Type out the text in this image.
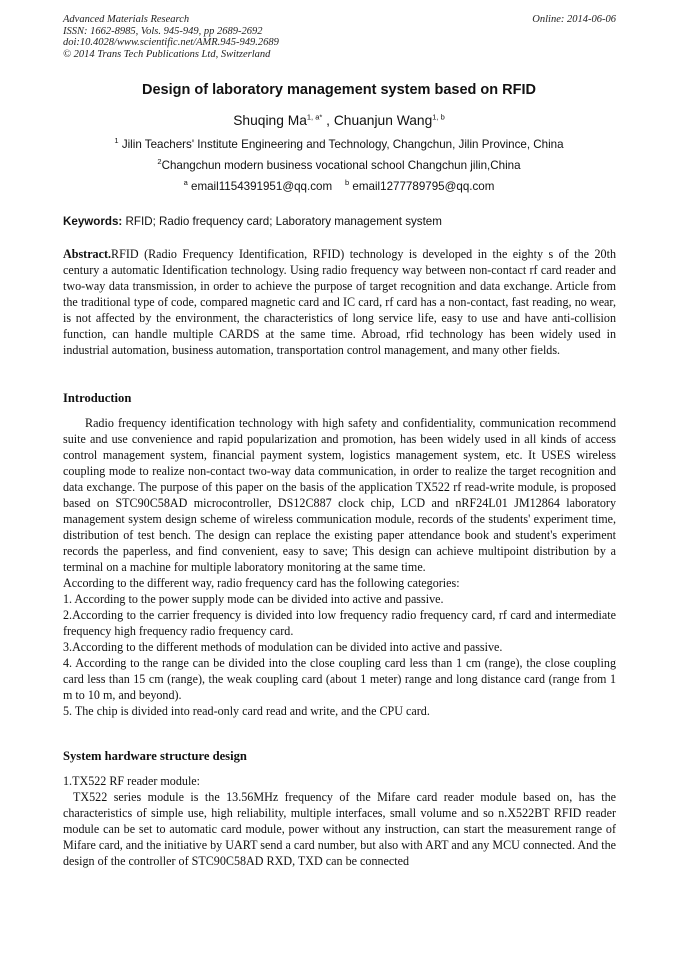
Advanced Materials Research
ISSN: 1662-8985, Vols. 945-949, pp 2689-2692
doi:10.4028/www.scientific.net/AMR.945-949.2689
© 2014 Trans Tech Publications Ltd, Switzerland
Online: 2014-06-06
Design of laboratory management system based on RFID
Shuqing $Ma^{1, a*}$ , Chuanjun Wang$^{1, b}$
$^1$ Jilin Teachers' Institute Engineering and Technology, Changchun, Jilin Province, China
$^2$Changchun modern business vocational school Changchun jilin,China
$^a$ email1154391951@qq.com $^b$ email1277789795@qq.com
Keywords: RFID; Radio frequency card; Laboratory management system

Abstract.RFID (Radio Frequency Identification, RFID) technology is developed in the eighty s of the 20th century a automatic Identification technology. Using radio frequency way between non-contact rf card reader and two-way data transmission, in order to achieve the purpose of target recognition and data exchange. Article from the traditional type of code, compared magnetic card and IC card, rf card has a non-contact, fast reading, no wear, is not affected by the environment, the characteristics of long service life, easy to use and have anti-collision function, can handle multiple CARDS at the same time. Abroad, rfid technology has been widely used in industrial automation, business automation, transportation control management, and many other fields.

Introduction

Radio frequency identification technology with high safety and confidentiality, communication recommend suite and use convenience and rapid popularization and promotion, has been widely used in all kinds of access control management system, financial payment system, logistics management system, etc. It USES wireless coupling mode to realize non-contact two-way data communication, in order to realize the target recognition and data exchange. The purpose of this paper on the basis of the application TX522 rf read-write module, is proposed based on STC90C58AD microcontroller, DS12C887 clock chip, LCD and nRF24L01 JM12864 laboratory management system design scheme of wireless communication module, records of the students' experiment time, distribution of test bench. The design can replace the existing paper attendance book and student's experiment records the paperless, and find convenient, easy to save; This design can achieve multipoint distribution by a terminal on a machine for multiple laboratory monitoring at the same time.

According to the different way, radio frequency card has the following categories:

1. According to the power supply mode can be divided into active and passive.

2.According to the carrier frequency is divided into low frequency radio frequency card, rf card and intermediate frequency high frequency radio frequency card.

3.According to the different methods of modulation can be divided into active and passive.

4. According to the range can be divided into the close coupling card less than 1 cm (range), the close coupling card less than 15 cm (range), the weak coupling card (about 1 meter) range and long distance card (range from 1 m to 10 m, and beyond).

5. The chip is divided into read-only card read and write, and the CPU card.

System hardware structure design

1.TX522 RF reader module:

TX522 series module is the 13.56MHz frequency of the Mifare card reader module based on, has the characteristics of simple use, high reliability, multiple interfaces, small volume and so n.X522BT RFID reader module can be set to automatic card module, power without any instruction, can start the measurement range of Mifare card, and the initiative by UART send a card number, but also with ART and any MCU connected. And the design of the controller of STC90C58AD RXD, TXD can be connected
